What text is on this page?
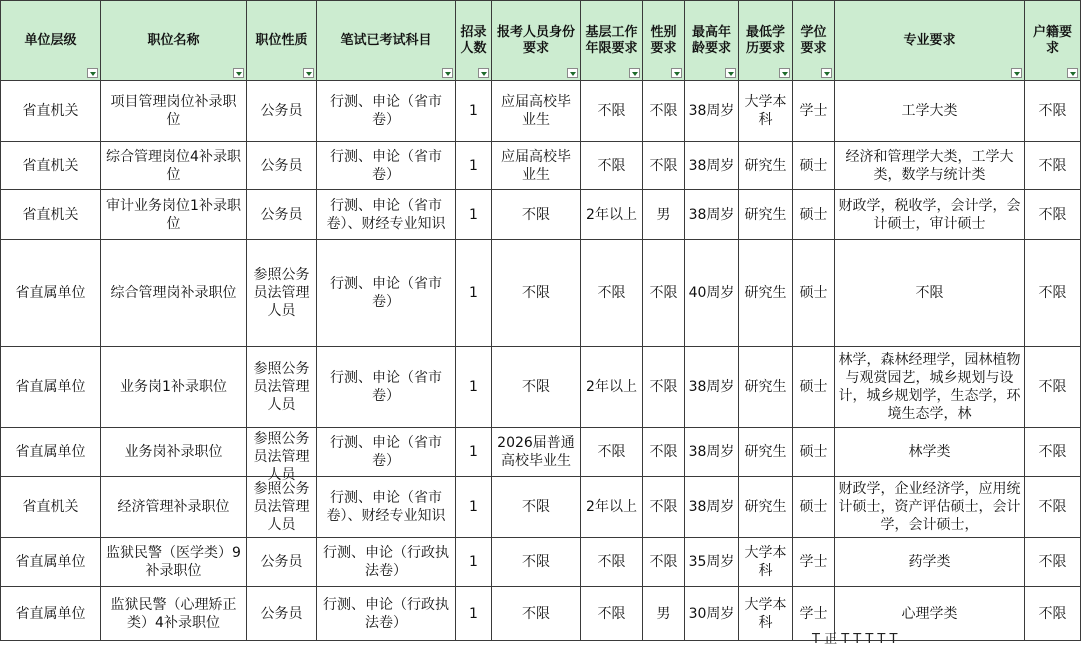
单位层级	职位名称	职位性质	笔试已考试科目	招录人数	报考人员身份要求	基层工作年限要求	性别要求	最高年龄要求	最低学历要求	学位要求	专业要求	户籍要求

省直机关	项目管理岗位补录职位	公务员	行测、申论（省市卷）	1	应届高校毕业生	不限	不限	38周岁	大学本科	学士	工学大类	不限

省直机关	综合管理岗位4补录职位	公务员	行测、申论（省市卷）	1	应届高校毕业生	不限	不限	38周岁	研究生	硕士	经济和管理学大类，工学大类，数学与统计类	不限

省直机关	审计业务岗位1补录职位	公务员	行测、申论（省市卷）、财经专业知识	1	不限	2年以上	男	38周岁	研究生	硕士	财政学，税收学，会计学，会计硕士，审计硕士	不限

省直属单位	综合管理岗补录职位	参照公务员法管理人员	行测、申论（省市卷）	1	不限	不限	不限	40周岁	研究生	硕士	不限	不限

省直属单位	业务岗1补录职位	参照公务员法管理人员	行测、申论（省市卷）	1	不限	2年以上	不限	38周岁	研究生	硕士	林学，森林经理学，园林植物与观赏园艺，城乡规划与设计，城乡规划学，生态学，环境生态学，林	不限

省直属单位	业务岗补录职位	参照公务员法管理人员	行测、申论（省市卷）	1	2026届普通高校毕业生	不限	不限	38周岁	研究生	硕士	林学类	不限

省直机关	经济管理补录职位	参照公务员法管理人员	行测、申论（省市卷）、财经专业知识	1	不限	2年以上	不限	38周岁	研究生	硕士	财政学，企业经济学，应用统计硕士，资产评估硕士，会计学，会计硕士，	不限

省直属单位	监狱民警（医学类）9补录职位	公务员	行测、申论（行政执法卷）	1	不限	不限	不限	35周岁	大学本科	学士	药学类	不限

省直属单位	监狱民警（心理矫正类）4补录职位	公务员	行测、申论（行政执法卷）	1	不限	不限	男	30周岁	大学本科	学士	心理学类	不限
T 正 T T T T T
